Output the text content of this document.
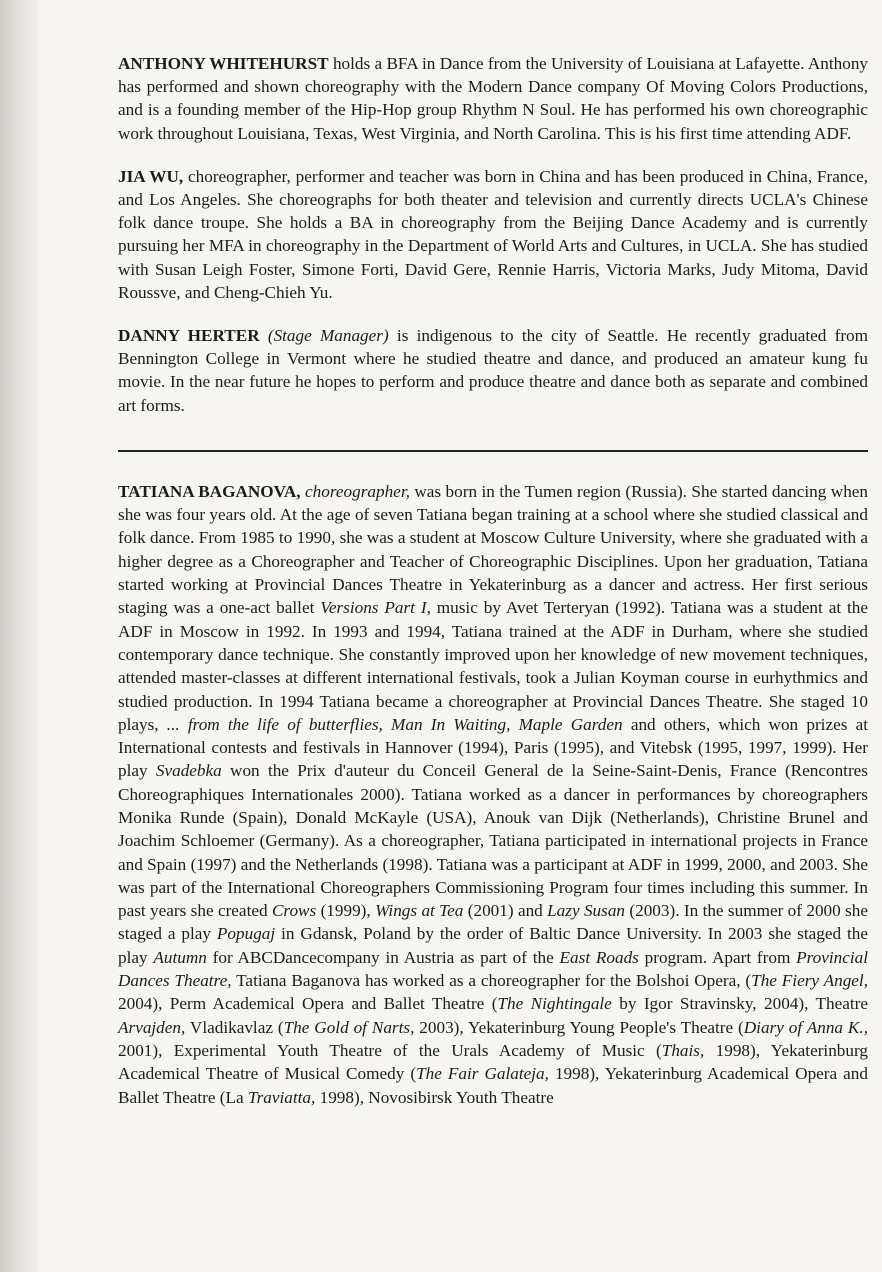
ANTHONY WHITEHURST holds a BFA in Dance from the University of Louisiana at Lafayette. Anthony has performed and shown choreography with the Modern Dance company Of Moving Colors Productions, and is a founding member of the Hip-Hop group Rhythm N Soul. He has performed his own choreographic work throughout Louisiana, Texas, West Virginia, and North Carolina. This is his first time attending ADF.

JIA WU, choreographer, performer and teacher was born in China and has been produced in China, France, and Los Angeles. She choreographs for both theater and television and currently directs UCLA's Chinese folk dance troupe. She holds a BA in choreography from the Beijing Dance Academy and is currently pursuing her MFA in choreography in the Department of World Arts and Cultures, in UCLA. She has studied with Susan Leigh Foster, Simone Forti, David Gere, Rennie Harris, Victoria Marks, Judy Mitoma, David Roussve, and Cheng-Chieh Yu.

DANNY HERTER (Stage Manager) is indigenous to the city of Seattle. He recently graduated from Bennington College in Vermont where he studied theatre and dance, and produced an amateur kung fu movie. In the near future he hopes to perform and produce theatre and dance both as separate and combined art forms.

TATIANA BAGANOVA, choreographer, was born in the Tumen region (Russia). She started dancing when she was four years old. At the age of seven Tatiana began training at a school where she studied classical and folk dance. From 1985 to 1990, she was a student at Moscow Culture University, where she graduated with a higher degree as a Choreographer and Teacher of Choreographic Disciplines. Upon her graduation, Tatiana started working at Provincial Dances Theatre in Yekaterinburg as a dancer and actress. Her first serious staging was a one-act ballet Versions Part I, music by Avet Terteryan (1992). Tatiana was a student at the ADF in Moscow in 1992. In 1993 and 1994, Tatiana trained at the ADF in Durham, where she studied contemporary dance technique. She constantly improved upon her knowledge of new movement techniques, attended master-classes at different international festivals, took a Julian Koyman course in eurhythmics and studied production. In 1994 Tatiana became a choreographer at Provincial Dances Theatre. She staged 10 plays, ... from the life of butterflies, Man In Waiting, Maple Garden and others, which won prizes at International contests and festivals in Hannover (1994), Paris (1995), and Vitebsk (1995, 1997, 1999). Her play Svadebka won the Prix d'auteur du Conceil General de la Seine-Saint-Denis, France (Rencontres Choreographiques Internationales 2000). Tatiana worked as a dancer in performances by choreographers Monika Runde (Spain), Donald McKayle (USA), Anouk van Dijk (Netherlands), Christine Brunel and Joachim Schloemer (Germany). As a choreographer, Tatiana participated in international projects in France and Spain (1997) and the Netherlands (1998). Tatiana was a participant at ADF in 1999, 2000, and 2003. She was part of the International Choreographers Commissioning Program four times including this summer. In past years she created Crows (1999), Wings at Tea (2001) and Lazy Susan (2003). In the summer of 2000 she staged a play Popugaj in Gdansk, Poland by the order of Baltic Dance University. In 2003 she staged the play Autumn for ABCDancecompany in Austria as part of the East Roads program. Apart from Provincial Dances Theatre, Tatiana Baganova has worked as a choreographer for the Bolshoi Opera, (The Fiery Angel, 2004), Perm Academical Opera and Ballet Theatre (The Nightingale by Igor Stravinsky, 2004), Theatre Arvajden, Vladikavlaz (The Gold of Narts, 2003), Yekaterinburg Young People's Theatre (Diary of Anna K., 2001), Experimental Youth Theatre of the Urals Academy of Music (Thais, 1998), Yekaterinburg Academical Theatre of Musical Comedy (The Fair Galateja, 1998), Yekaterinburg Academical Opera and Ballet Theatre (La Traviatta, 1998), Novosibirsk Youth Theatre
